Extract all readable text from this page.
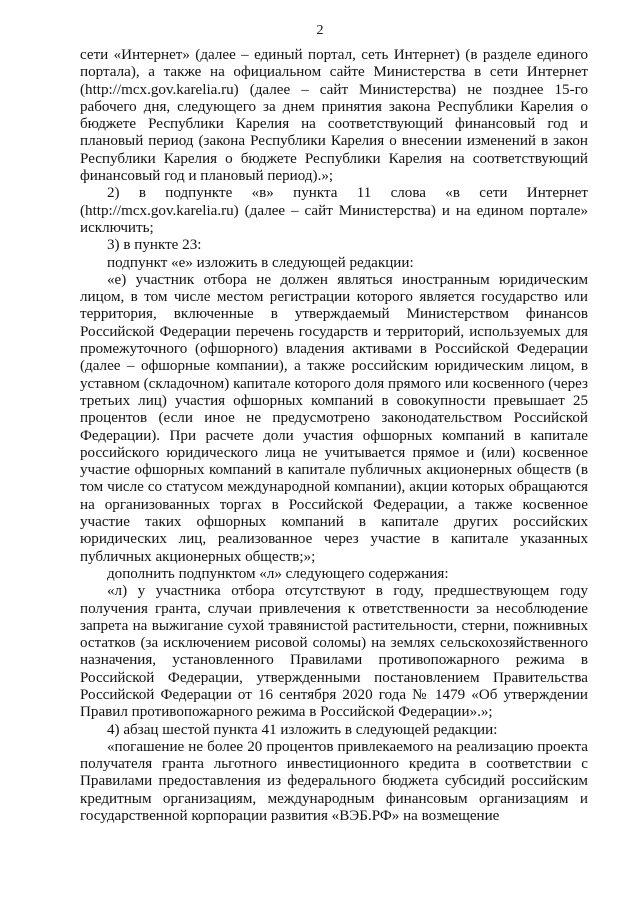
2

сети «Интернет» (далее – единый портал, сеть Интернет) (в разделе единого портала), а также на официальном сайте Министерства в сети Интернет (http://mcx.gov.karelia.ru) (далее – сайт Министерства) не позднее 15-го рабочего дня, следующего за днем принятия закона Республики Карелия о бюджете Республики Карелия на соответствующий финансовый год и плановый период (закона Республики Карелия о внесении изменений в закон Республики Карелия о бюджете Республики Карелия на соответствующий финансовый год и плановый период).»;

2) в подпункте «в» пункта 11 слова «в сети Интернет (http://mcx.gov.karelia.ru) (далее – сайт Министерства) и на едином портале» исключить;

3) в пункте 23:

подпункт «е» изложить в следующей редакции:

«е) участник отбора не должен являться иностранным юридическим лицом, в том числе местом регистрации которого является государство или территория, включенные в утверждаемый Министерством финансов Российской Федерации перечень государств и территорий, используемых для промежуточного (офшорного) владения активами в Российской Федерации (далее – офшорные компании), а также российским юридическим лицом, в уставном (складочном) капитале которого доля прямого или косвенного (через третьих лиц) участия офшорных компаний в совокупности превышает 25 процентов (если иное не предусмотрено законодательством Российской Федерации). При расчете доли участия офшорных компаний в капитале российского юридического лица не учитывается прямое и (или) косвенное участие офшорных компаний в капитале публичных акционерных обществ (в том числе со статусом международной компании), акции которых обращаются на организованных торгах в Российской Федерации, а также косвенное участие таких офшорных компаний в капитале других российских юридических лиц, реализованное через участие в капитале указанных публичных акционерных обществ;»;

дополнить подпунктом «л» следующего содержания:

«л) у участника отбора отсутствуют в году, предшествующем году получения гранта, случаи привлечения к ответственности за несоблюдение запрета на выжигание сухой травянистой растительности, стерни, пожнивных остатков (за исключением рисовой соломы) на землях сельскохозяйственного назначения, установленного Правилами противопожарного режима в Российской Федерации, утвержденными постановлением Правительства Российской Федерации от 16 сентября 2020 года № 1479 «Об утверждении Правил противопожарного режима в Российской Федерации».»;

4) абзац шестой пункта 41 изложить в следующей редакции:

«погашение не более 20 процентов привлекаемого на реализацию проекта получателя гранта льготного инвестиционного кредита в соответствии с Правилами предоставления из федерального бюджета субсидий российским кредитным организациям, международным финансовым организациям и государственной корпорации развития «ВЭБ.РФ» на возмещение
